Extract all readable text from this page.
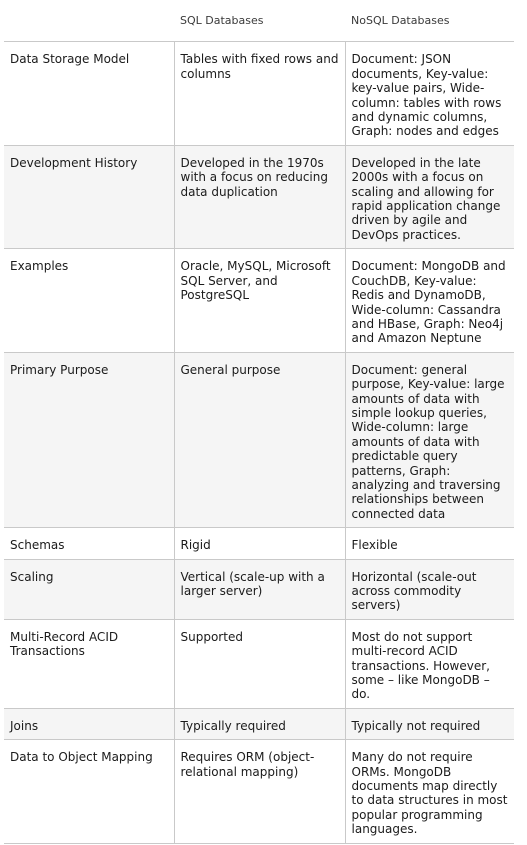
	SQL Databases	NoSQL Databases
Data Storage Model	Tables with fixed rows and columns	Document: JSON documents, Key-value: key-value pairs, Wide-column: tables with rows and dynamic columns, Graph: nodes and edges
Development History	Developed in the 1970s with a focus on reducing data duplication	Developed in the late 2000s with a focus on scaling and allowing for rapid application change driven by agile and DevOps practices.
Examples	Oracle, MySQL, Microsoft SQL Server, and PostgreSQL	Document: MongoDB and CouchDB, Key-value: Redis and DynamoDB, Wide-column: Cassandra and HBase, Graph: Neo4j and Amazon Neptune
Primary Purpose	General purpose	Document: general purpose, Key-value: large amounts of data with simple lookup queries, Wide-column: large amounts of data with predictable query patterns, Graph: analyzing and traversing relationships between connected data
Schemas	Rigid	Flexible
Scaling	Vertical (scale-up with a larger server)	Horizontal (scale-out across commodity servers)
Multi-Record ACID Transactions	Supported	Most do not support multi-record ACID transactions. However, some – like MongoDB – do.
Joins	Typically required	Typically not required
Data to Object Mapping	Requires ORM (object-relational mapping)	Many do not require ORMs. MongoDB documents map directly to data structures in most popular programming languages.
